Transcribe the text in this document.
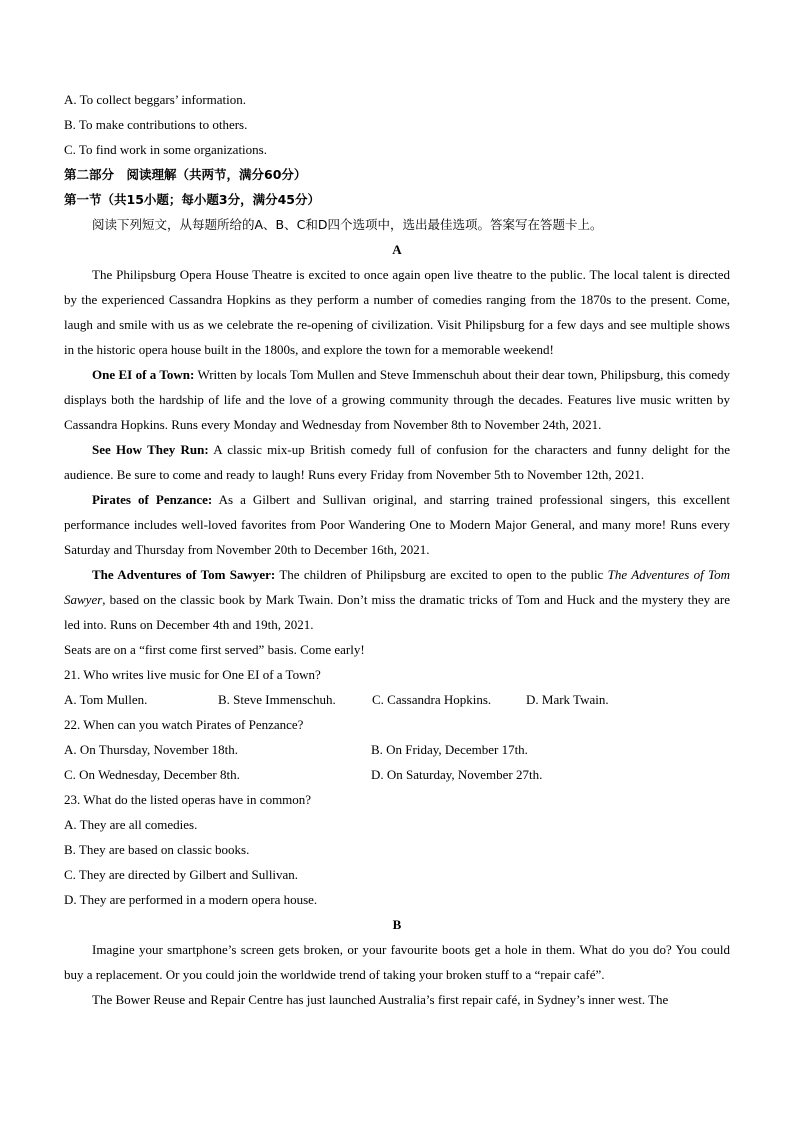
A. To collect beggars’ information.
B. To make contributions to others.
C. To find work in some organizations.
第二部分　阅读理解（共两节，满分60分）
第一节（共15小题；每小题3分，满分45分）
阅读下列短文，从每题所给的A、B、C和D四个选项中，选出最佳选项。答案写在答题卡上。
A

The Philipsburg Opera House Theatre is excited to once again open live theatre to the public. The local talent is directed by the experienced Cassandra Hopkins as they perform a number of comedies ranging from the 1870s to the present. Come, laugh and smile with us as we celebrate the re-opening of civilization. Visit Philipsburg for a few days and see multiple shows in the historic opera house built in the 1800s, and explore the town for a memorable weekend!

One EI of a Town: Written by locals Tom Mullen and Steve Immenschuh about their dear town, Philipsburg, this comedy displays both the hardship of life and the love of a growing community through the decades. Features live music written by Cassandra Hopkins. Runs every Monday and Wednesday from November 8th to November 24th, 2021.

See How They Run: A classic mix-up British comedy full of confusion for the characters and funny delight for the audience. Be sure to come and ready to laugh! Runs every Friday from November 5th to November 12th, 2021.

Pirates of Penzance: As a Gilbert and Sullivan original, and starring trained professional singers, this excellent performance includes well-loved favorites from Poor Wandering One to Modern Major General, and many more! Runs every Saturday and Thursday from November 20th to December 16th, 2021.

The Adventures of Tom Sawyer: The children of Philipsburg are excited to open to the public The Adventures of Tom Sawyer, based on the classic book by Mark Twain. Don’t miss the dramatic tricks of Tom and Huck and the mystery they are led into. Runs on December 4th and 19th, 2021.

Seats are on a “first come first served” basis. Come early!
21. Who writes live music for One EI of a Town?
A. Tom Mullen.	B. Steve Immenschuh.	C. Cassandra Hopkins.	D. Mark Twain.
22. When can you watch Pirates of Penzance?
A. On Thursday, November 18th.	B. On Friday, December 17th.
C. On Wednesday, December 8th.	D. On Saturday, November 27th.
23. What do the listed operas have in common?
A. They are all comedies.
B. They are based on classic books.
C. They are directed by Gilbert and Sullivan.
D. They are performed in a modern opera house.
B

Imagine your smartphone’s screen gets broken, or your favourite boots get a hole in them. What do you do? You could buy a replacement. Or you could join the worldwide trend of taking your broken stuff to a “repair café”.

The Bower Reuse and Repair Centre has just launched Australia’s first repair café, in Sydney’s inner west. The
